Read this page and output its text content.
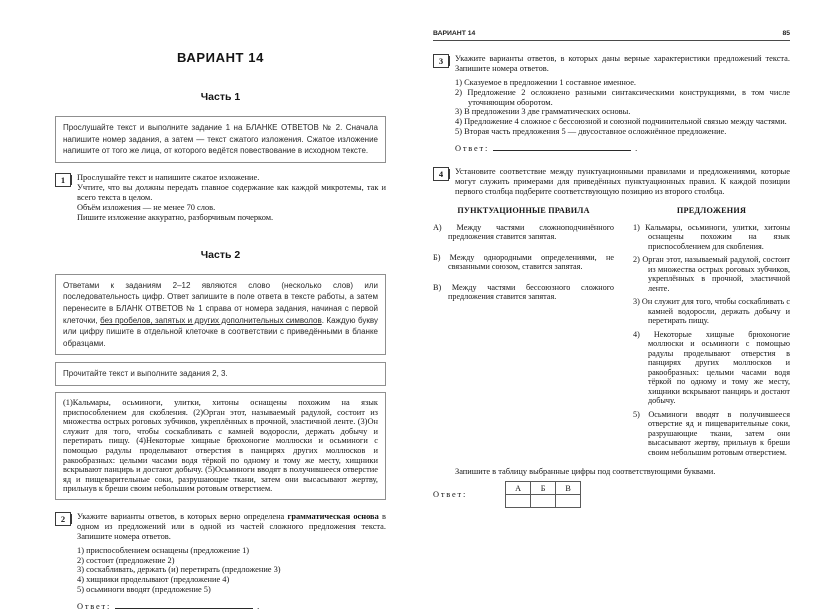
ВАРИАНТ 14
Часть 1
Прослушайте текст и выполните задание 1 на БЛАНКЕ ОТВЕТОВ № 2. Сначала напишите номер задания, а затем — текст сжатого изложения. Сжатое изложение напишите от того же лица, от которого ведётся повествование в исходном тексте.
1	Прослушайте текст и напишите сжатое изложение.

Учтите, что вы должны передать главное содержание как каждой микротемы, так и всего текста в целом.

Объём изложения — не менее 70 слов.

Пишите изложение аккуратно, разборчивым почерком.

Часть 2
Ответами к заданиям 2–12 являются слово (несколько слов) или последовательность цифр. Ответ запишите в поле ответа в тексте работы, а затем перенесите в БЛАНК ОТВЕТОВ № 1 справа от номера задания, начиная с первой клеточки, без пробелов, запятых и других дополнительных символов. Каждую букву или цифру пишите в отдельной клеточке в соответствии с приведёнными в бланке образцами.
Прочитайте текст и выполните задания 2, 3.
(1)Кальмары, осьминоги, улитки, хитоны оснащены похожим на язык приспособлением для скобления. (2)Орган этот, называемый радулой, состоит из множества острых роговых зубчиков, укреплённых в прочной, эластичной ленте. (3)Он служит для того, чтобы соскабливать с камней водоросли, держать добычу и перетирать пищу. (4)Некоторые хищные брюхоногие моллюски и осьминоги с помощью радулы проделывают отверстия в панцирях других моллюсков и ракообразных: целыми часами водя тёркой по одному и тому же месту, хищники вскрывают панцирь и достают добычу. (5)Осьминоги вводят в получившееся отверстие яд и пищеварительные соки, разрушающие ткани, затем они высасывают жертву, прильнув к бреши своим небольшим ротовым отверстием.
2	Укажите варианты ответов, в которых верно определена грамматическая основа в одном из предложений или в одной из частей сложного предложения текста. Запишите номера ответов.

1) приспособлением оснащены (предложение 1)

2) состоит (предложение 2)

3) соскабливать, держать (и) перетирать (предложение 3)

4) хищники проделывают (предложение 4)

5) осьминоги вводят (предложение 5)

Ответ:	.
ВАРИАНТ 14	85
3	Укажите варианты ответов, в которых даны верные характеристики предложений текста. Запишите номера ответов.

1) Сказуемое в предложении 1 составное именное.

2) Предложение 2 осложнено разными синтаксическими конструкциями, в том числе уточняющим оборотом.

3) В предложении 3 две грамматических основы.

4) Предложение 4 сложное с бессоюзной и союзной подчинительной связью между частями.

5) Вторая часть предложения 5 — двусоставное осложнённое предложение.

Ответ:	.
4	Установите соответствие между пунктуационными правилами и предложениями, которые могут служить примерами для приведённых пунктуационных правил. К каждой позиции первого столбца подберите соответствующую позицию из второго столбца.

ПУНКТУАЦИОННЫЕ ПРАВИЛА

А) Между частями сложноподчинённого предложения ставится запятая.

Б) Между однородными определениями, не связанными союзом, ставится запятая.

В) Между частями бессоюзного сложного предложения ставится запятая.

ПРЕДЛОЖЕНИЯ

1) Кальмары, осьминоги, улитки, хитоны оснащены похожим на язык приспособлением для скобления.

2) Орган этот, называемый радулой, состоит из множества острых роговых зубчиков, укреплённых в прочной, эластичной ленте.

3) Он служит для того, чтобы соскабливать с камней водоросли, держать добычу и перетирать пищу.

4) Некоторые хищные брюхоногие моллюски и осьминоги с помощью радулы проделывают отверстия в панцирях других моллюсков и ракообразных: целыми часами водя тёркой по одному и тому же месту, хищники вскрывают панцирь и достают добычу.

5) Осьминоги вводят в получившееся отверстие яд и пищеварительные соки, разрушающие ткани, затем они высасывают жертву, прильнув к бреши своим небольшим ротовым отверстием.

Запишите в таблицу выбранные цифры под соответствующими буквами.

Ответ:
А	Б	В
